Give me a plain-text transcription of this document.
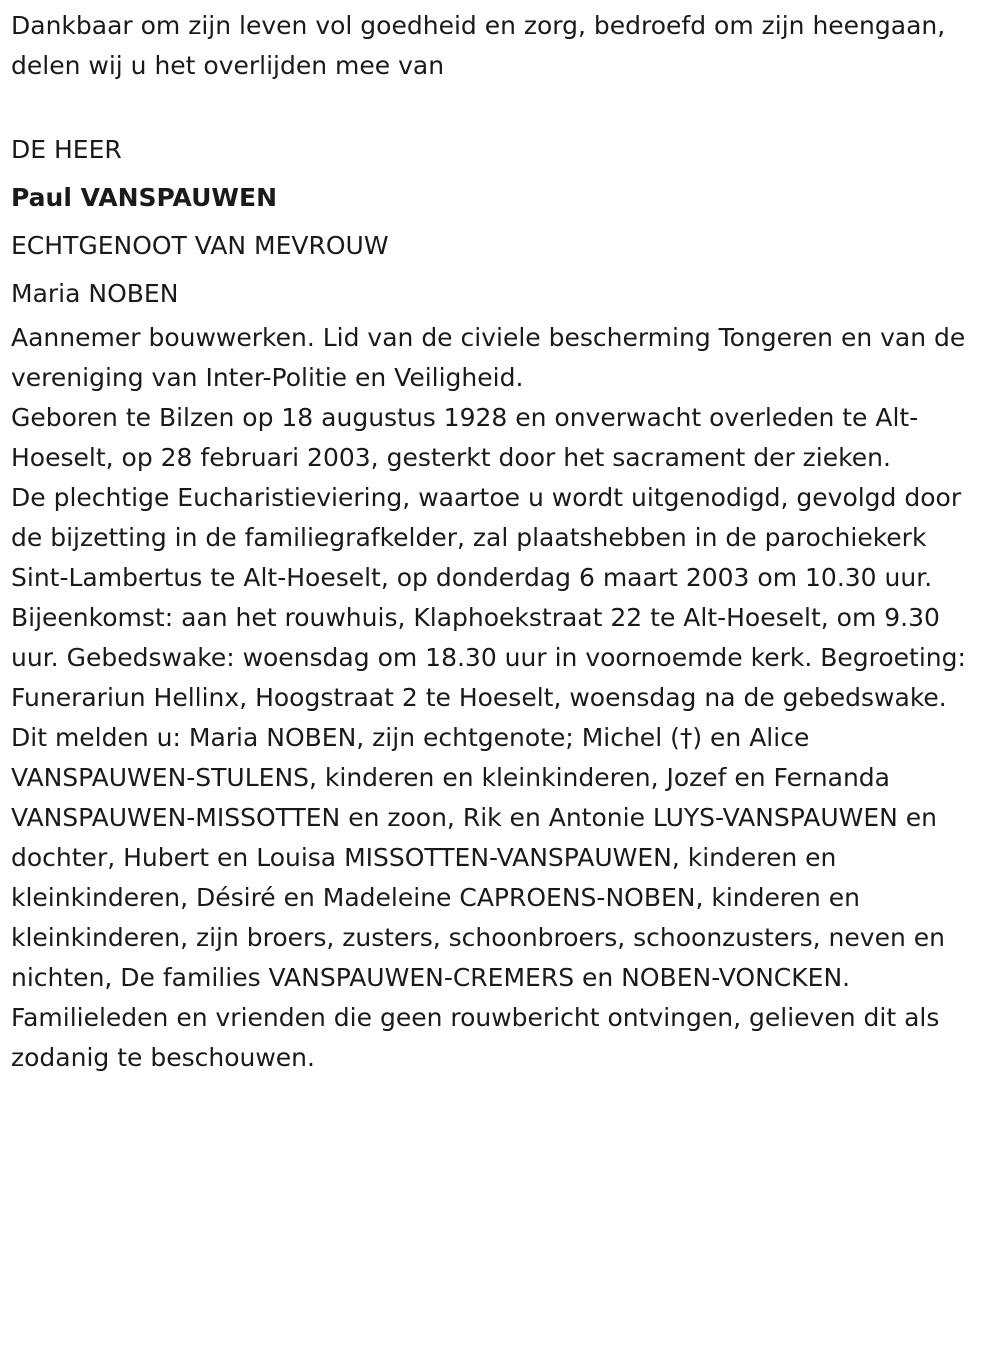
Dankbaar om zijn leven vol goedheid en zorg, bedroefd om zijn heengaan, delen wij u het overlijden mee van

DE HEER

Paul VANSPAUWEN

ECHTGENOOT VAN MEVROUW

Maria NOBEN

Aannemer bouwwerken. Lid van de civiele bescherming Tongeren en van de vereniging van Inter-Politie en Veiligheid.

Geboren te Bilzen op 18 augustus 1928 en onverwacht overleden te Alt-Hoeselt, op 28 februari 2003, gesterkt door het sacrament der zieken.

De plechtige Eucharistieviering, waartoe u wordt uitgenodigd, gevolgd door de bijzetting in de familiegrafkelder, zal plaatshebben in de parochiekerk Sint-Lambertus te Alt-Hoeselt, op donderdag 6 maart 2003 om 10.30 uur. Bijeenkomst: aan het rouwhuis, Klaphoekstraat 22 te Alt-Hoeselt, om 9.30 uur. Gebedswake: woensdag om 18.30 uur in voornoemde kerk. Begroeting: Funerariun Hellinx, Hoogstraat 2 te Hoeselt, woensdag na de gebedswake.

Dit melden u: Maria NOBEN, zijn echtgenote; Michel (†) en Alice VANSPAUWEN-STULENS, kinderen en kleinkinderen, Jozef en Fernanda VANSPAUWEN-MISSOTTEN en zoon, Rik en Antonie LUYS-VANSPAUWEN en dochter, Hubert en Louisa MISSOTTEN-VANSPAUWEN, kinderen en kleinkinderen, Désiré en Madeleine CAPROENS-NOBEN, kinderen en kleinkinderen, zijn broers, zusters, schoonbroers, schoonzusters, neven en nichten, De families VANSPAUWEN-CREMERS en NOBEN-VONCKEN.

Familieleden en vrienden die geen rouwbericht ontvingen, gelieven dit als zodanig te beschouwen.
